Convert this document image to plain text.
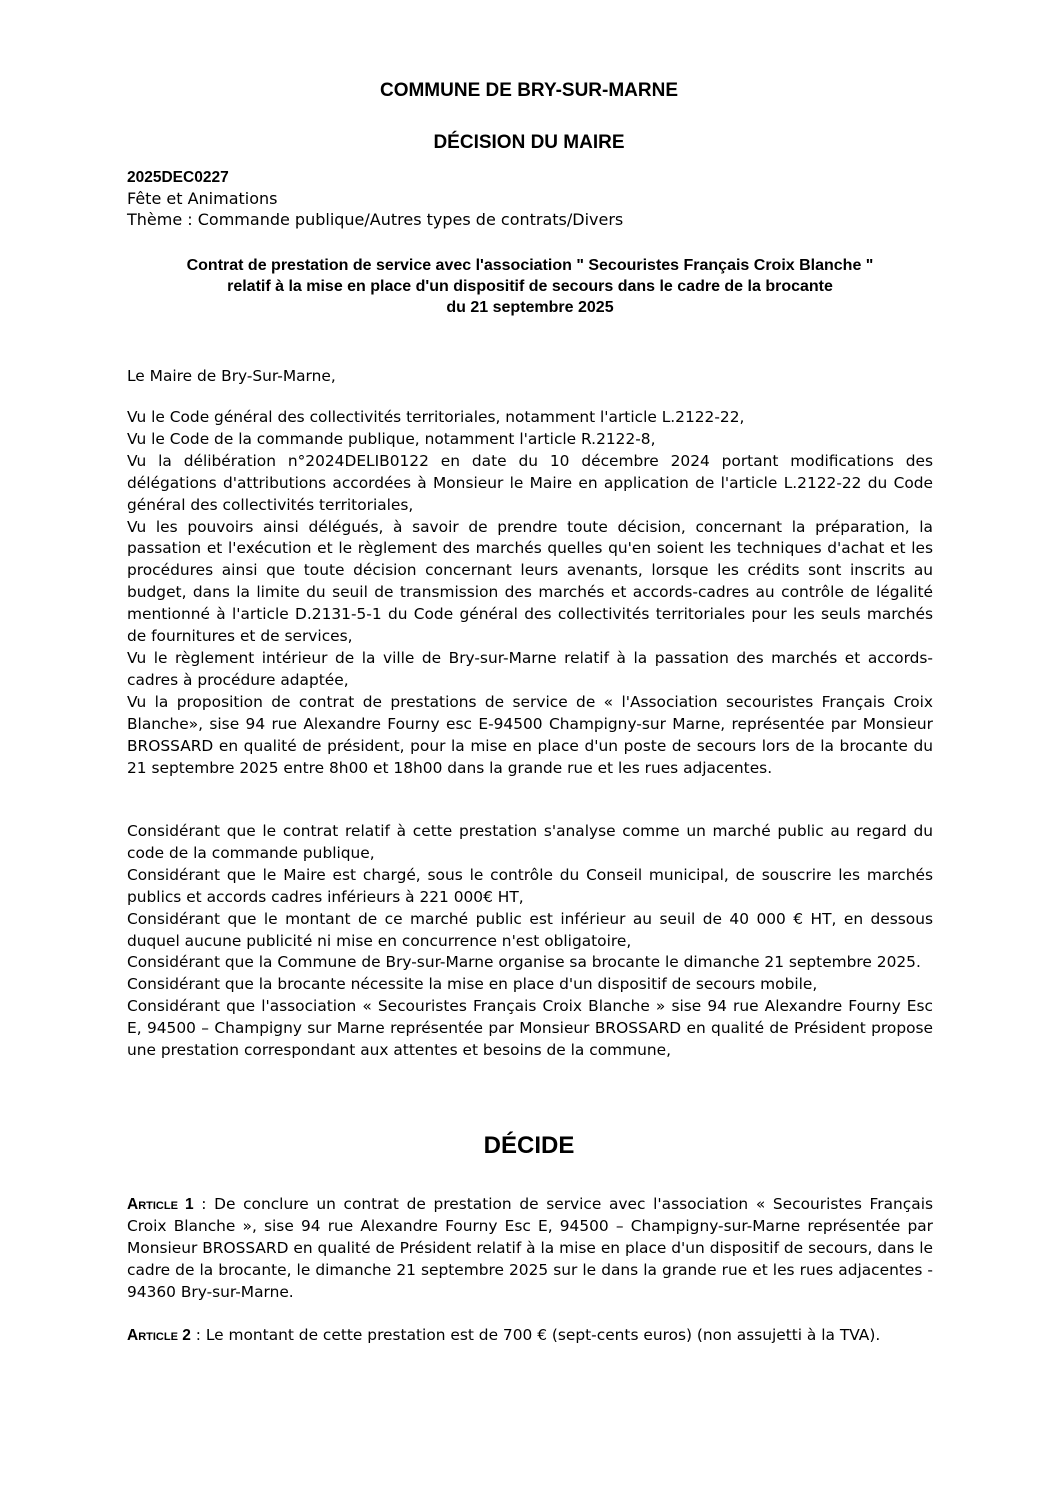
COMMUNE DE BRY-SUR-MARNE
DÉCISION DU MAIRE
2025DEC0227
Fête et Animations
Thème : Commande publique/Autres types de contrats/Divers
Contrat de prestation de service avec l'association " Secouristes Français Croix Blanche "
relatif à la mise en place d'un dispositif de secours dans le cadre de la brocante
du 21 septembre 2025

Le Maire de Bry-Sur-Marne,

Vu le Code général des collectivités territoriales, notamment l'article L.2122-22,

Vu le Code de la commande publique, notamment l'article R.2122-8,

Vu la délibération n°2024DELIB0122 en date du 10 décembre 2024 portant modifications des délégations d'attributions accordées à Monsieur le Maire en application de l'article L.2122-22 du Code général des collectivités territoriales,

Vu les pouvoirs ainsi délégués, à savoir de prendre toute décision, concernant la préparation, la passation et l'exécution et le règlement des marchés quelles qu'en soient les techniques d'achat et les procédures ainsi que toute décision concernant leurs avenants, lorsque les crédits sont inscrits au budget, dans la limite du seuil de transmission des marchés et accords-cadres au contrôle de légalité mentionné à l'article D.2131-5-1 du Code général des collectivités territoriales pour les seuls marchés de fournitures et de services,

Vu le règlement intérieur de la ville de Bry-sur-Marne relatif à la passation des marchés et accords-cadres à procédure adaptée,

Vu la proposition de contrat de prestations de service de « l'Association secouristes Français Croix Blanche», sise 94 rue Alexandre Fourny esc E-94500 Champigny-sur Marne, représentée par Monsieur BROSSARD en qualité de président, pour la mise en place d'un poste de secours lors de la brocante du 21 septembre 2025 entre 8h00 et 18h00 dans la grande rue et les rues adjacentes.

Considérant que le contrat relatif à cette prestation s'analyse comme un marché public au regard du code de la commande publique,

Considérant que le Maire est chargé, sous le contrôle du Conseil municipal, de souscrire les marchés publics et accords cadres inférieurs à 221 000€ HT,

Considérant que le montant de ce marché public est inférieur au seuil de 40 000 € HT, en dessous duquel aucune publicité ni mise en concurrence n'est obligatoire,

Considérant que la Commune de Bry-sur-Marne organise sa brocante le dimanche 21 septembre 2025.

Considérant que la brocante nécessite la mise en place d'un dispositif de secours mobile,

Considérant que l'association « Secouristes Français Croix Blanche » sise 94 rue Alexandre Fourny Esc E, 94500 – Champigny sur Marne représentée par Monsieur BROSSARD en qualité de Président propose une prestation correspondant aux attentes et besoins de la commune,

DÉCIDE

Article 1 : De conclure un contrat de prestation de service avec l'association « Secouristes Français Croix Blanche », sise 94 rue Alexandre Fourny Esc E, 94500 – Champigny-sur-Marne représentée par Monsieur BROSSARD en qualité de Président relatif à la mise en place d'un dispositif de secours, dans le cadre de la brocante, le dimanche 21 septembre 2025 sur le dans la grande rue et les rues adjacentes - 94360 Bry-sur-Marne.

Article 2 : Le montant de cette prestation est de 700 € (sept-cents euros) (non assujetti à la TVA).
